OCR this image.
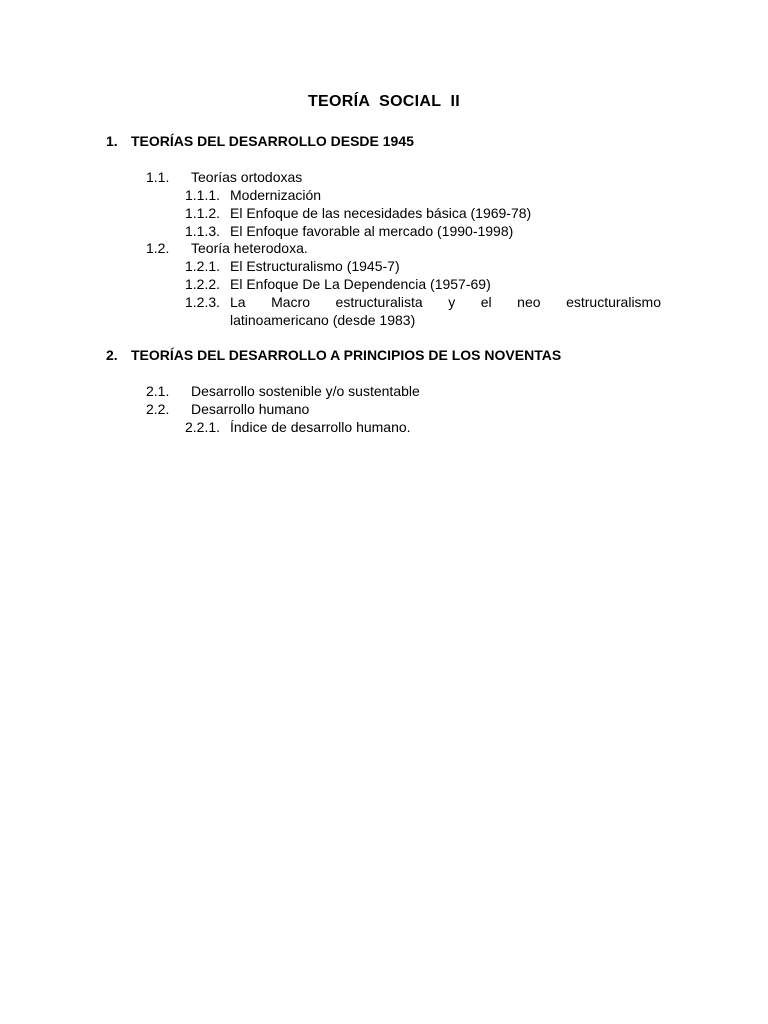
TEORÍA  SOCIAL  II
1. TEORÍAS DEL DESARROLLO DESDE 1945
1.1. Teorías ortodoxas
1.1.1. Modernización
1.1.2. El Enfoque de las necesidades básica (1969-78)
1.1.3. El Enfoque favorable al mercado (1990-1998)
1.2. Teoría heterodoxa.
1.2.1. El Estructuralismo (1945-7)
1.2.2. El Enfoque De La Dependencia (1957-69)
1.2.3. La Macro estructuralista y el neo estructuralismo
latinoamericano (desde 1983)
2. TEORÍAS DEL DESARROLLO A PRINCIPIOS DE LOS NOVENTAS
2.1. Desarrollo sostenible y/o sustentable
2.2. Desarrollo humano
2.2.1. Índice de desarrollo humano.
